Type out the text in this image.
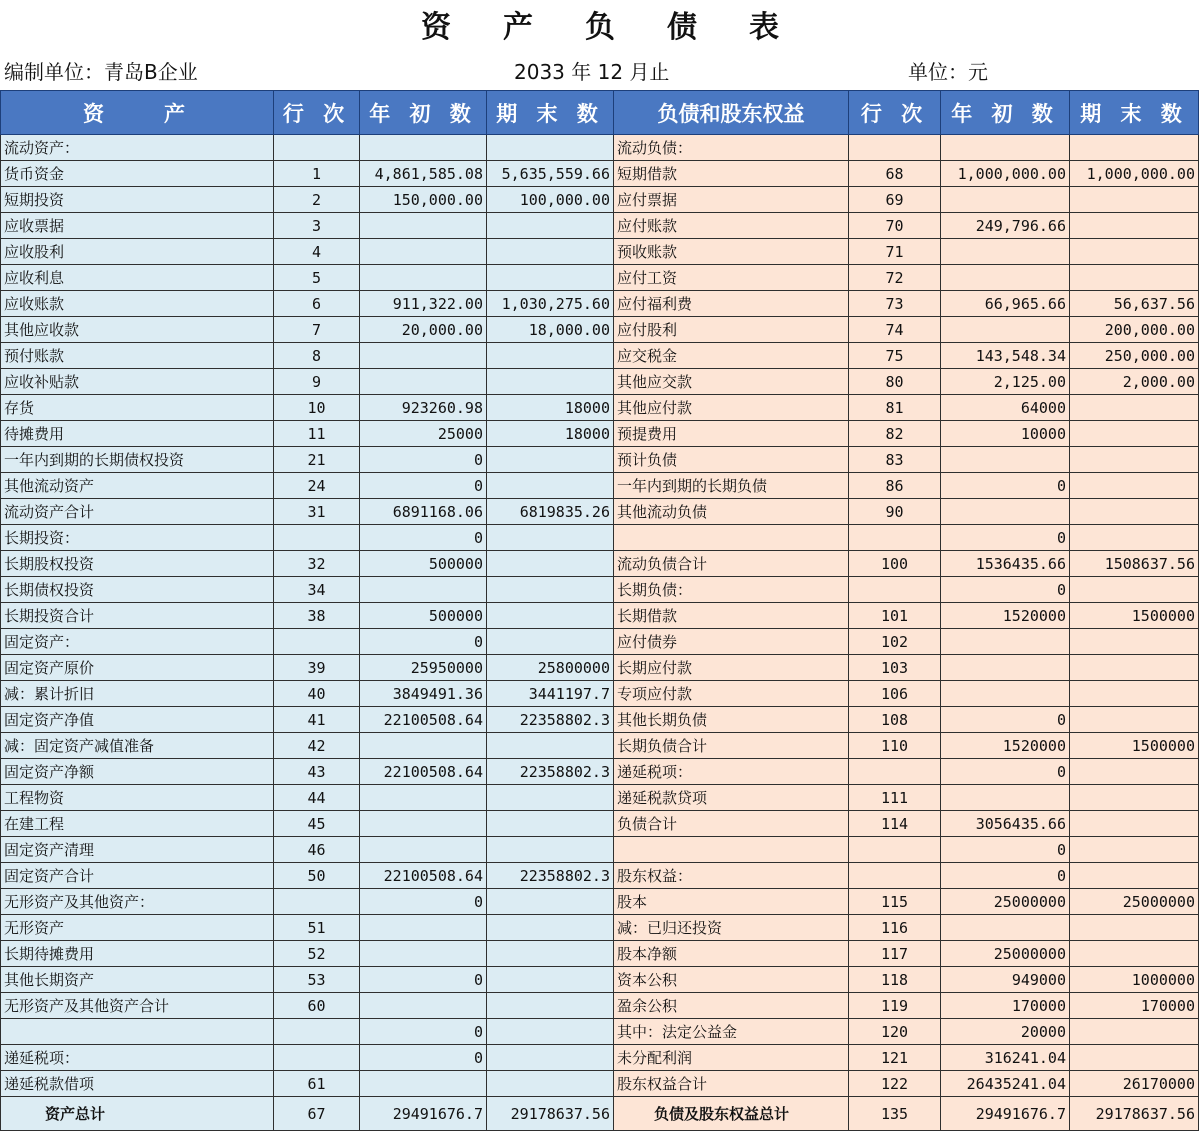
资产负债表
编制单位：青岛B企业	2033 年 12 月止	单位：元
资　　产	行 次	年 初 数	期 末 数	负债和股东权益	行 次	年 初 数	期 末 数
流动资产：				流动负债：			
货币资金	1	4,861,585.08	5,635,559.66	短期借款	68	1,000,000.00	1,000,000.00
短期投资	2	150,000.00	100,000.00	应付票据	69		
应收票据	3			应付账款	70	249,796.66	
应收股利	4			预收账款	71		
应收利息	5			应付工资	72		
应收账款	6	911,322.00	1,030,275.60	应付福利费	73	66,965.66	56,637.56
其他应收款	7	20,000.00	18,000.00	应付股利	74		200,000.00
预付账款	8			应交税金	75	143,548.34	250,000.00
应收补贴款	9			其他应交款	80	2,125.00	2,000.00
存货	10	923260.98	18000	其他应付款	81	64000	
待摊费用	11	25000	18000	预提费用	82	10000	
一年内到期的长期债权投资	21	0		预计负债	83		
其他流动资产	24	0		一年内到期的长期负债	86	0	
流动资产合计	31	6891168.06	6819835.26	其他流动负债	90		
长期投资：		0				0	
长期股权投资	32	500000		流动负债合计	100	1536435.66	1508637.56
长期债权投资	34			长期负债：		0	
长期投资合计	38	500000		长期借款	101	1520000	1500000
固定资产：		0		应付债券	102		
固定资产原价	39	25950000	25800000	长期应付款	103		
减：累计折旧	40	3849491.36	3441197.7	专项应付款	106		
固定资产净值	41	22100508.64	22358802.3	其他长期负债	108	0	
减：固定资产减值准备	42			长期负债合计	110	1520000	1500000
固定资产净额	43	22100508.64	22358802.3	递延税项：		0	
工程物资	44			递延税款贷项	111		
在建工程	45			负债合计	114	3056435.66	
固定资产清理	46					0	
固定资产合计	50	22100508.64	22358802.3	股东权益：		0	
无形资产及其他资产：		0		股本	115	25000000	25000000
无形资产	51			减：已归还投资	116		
长期待摊费用	52			股本净额	117	25000000	
其他长期资产	53	0		资本公积	118	949000	1000000
无形资产及其他资产合计	60			盈余公积	119	170000	170000
		0		其中：法定公益金	120	20000	
递延税项：		0		未分配利润	121	316241.04	
递延税款借项	61			股东权益合计	122	26435241.04	26170000
资产总计	67	29491676.7	29178637.56	负债及股东权益总计	135	29491676.7	29178637.56
